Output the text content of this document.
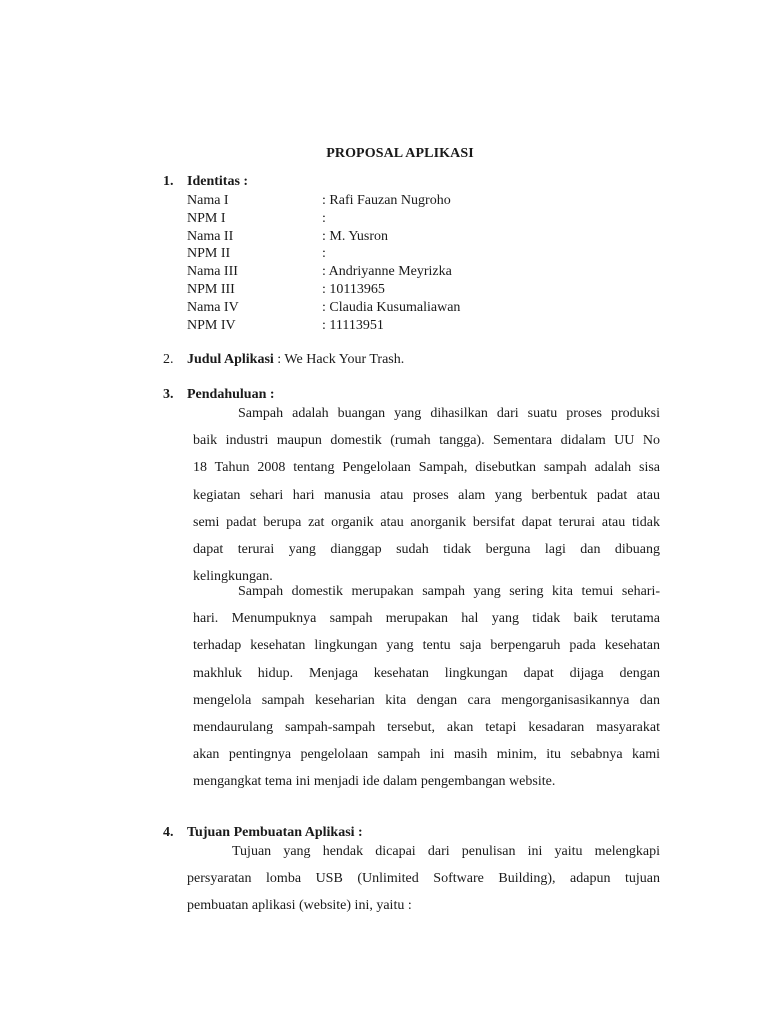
PROPOSAL APLIKASI
1. Identitas :
Nama I	: Rafi Fauzan Nugroho
NPM I	:
Nama II	: M. Yusron
NPM II	:
Nama III	: Andriyanne Meyrizka
NPM III	: 10113965
Nama IV	: Claudia Kusumaliawan
NPM IV	: 11113951
2. Judul Aplikasi : We Hack Your Trash.
3. Pendahuluan :
Sampah adalah buangan yang dihasilkan dari suatu proses produksi
baik industri maupun domestik (rumah tangga). Sementara didalam UU No
18 Tahun 2008 tentang Pengelolaan Sampah, disebutkan sampah adalah sisa
kegiatan sehari hari manusia atau proses alam yang berbentuk padat atau
semi padat berupa zat organik atau anorganik bersifat dapat terurai atau tidak
dapat terurai yang dianggap sudah tidak berguna lagi dan dibuang
kelingkungan.
Sampah domestik merupakan sampah yang sering kita temui sehari-
hari. Menumpuknya sampah merupakan hal yang tidak baik terutama
terhadap kesehatan lingkungan yang tentu saja berpengaruh pada kesehatan
makhluk hidup. Menjaga kesehatan lingkungan dapat dijaga dengan
mengelola sampah keseharian kita dengan cara mengorganisasikannya dan
mendaurulang sampah-sampah tersebut, akan tetapi kesadaran masyarakat
akan pentingnya pengelolaan sampah ini masih minim, itu sebabnya kami
mengangkat tema ini menjadi ide dalam pengembangan website.
4. Tujuan Pembuatan Aplikasi :
Tujuan yang hendak dicapai dari penulisan ini yaitu melengkapi
persyaratan lomba USB (Unlimited Software Building), adapun tujuan
pembuatan aplikasi (website) ini, yaitu :
